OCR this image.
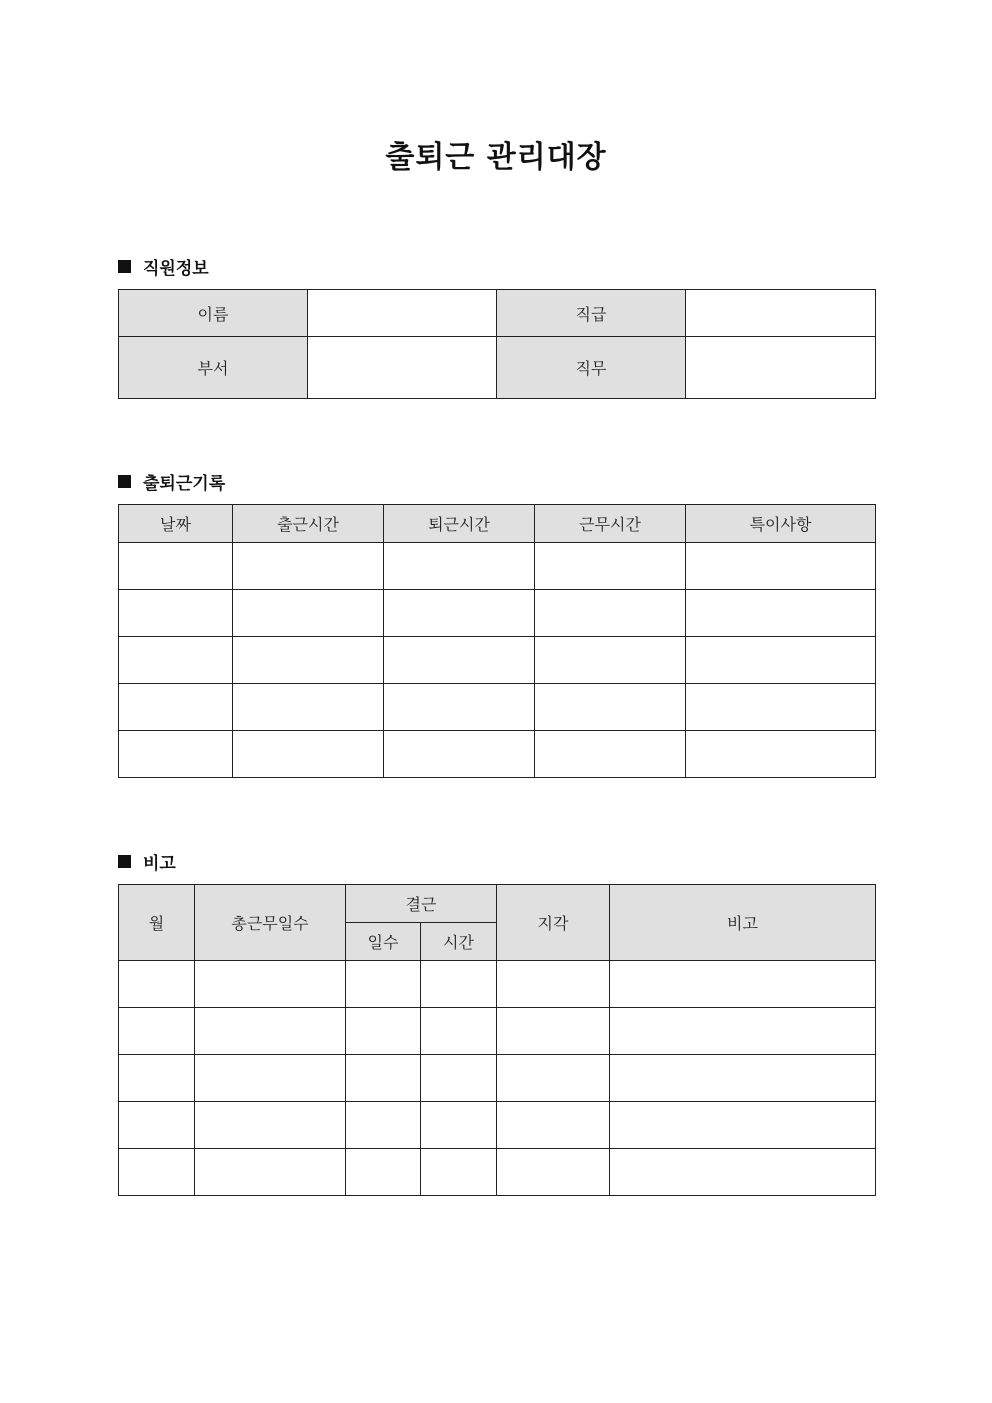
출퇴근 관리대장
직원정보
이름		직급	
부서		직무	
출퇴근기록
날짜	출근시간	퇴근시간	근무시간	특이사항

비고
월	총근무일수	결근		지각	비고
		일수	시간		
